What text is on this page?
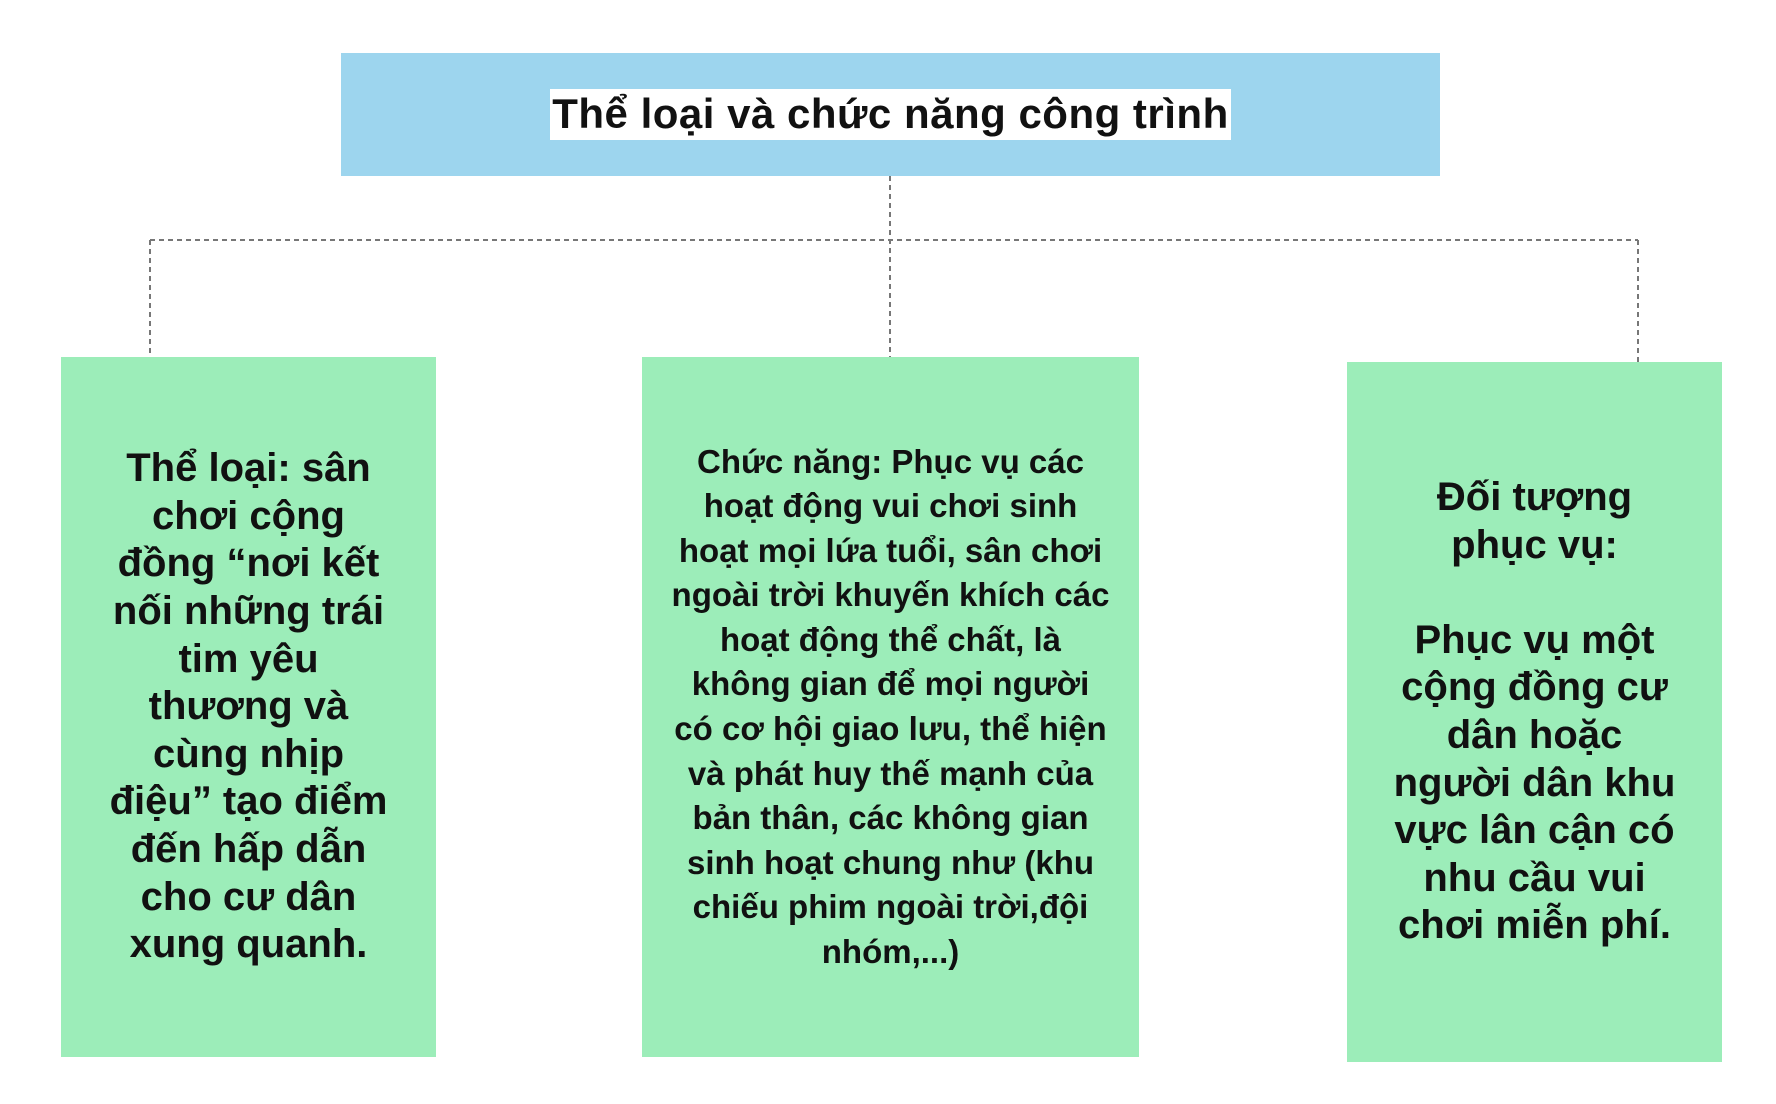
Thể loại và chức năng công trình
Thể loại: sân chơi cộng đồng “nơi kết nối những trái tim yêu thương và cùng nhịp điệu” tạo điểm đến hấp dẫn cho cư dân xung quanh.
Chức năng: Phục vụ các hoạt động vui chơi sinh hoạt mọi lứa tuổi, sân chơi ngoài trời khuyến khích các hoạt động thể chất, là không gian để mọi người có cơ hội giao lưu, thể hiện và phát huy thế mạnh của bản thân, các không gian sinh hoạt chung như (khu chiếu phim ngoài trời,đội nhóm,...)
Đối tượng phục vụ:

Phục vụ một cộng đồng cư dân hoặc người dân khu vực lân cận có nhu cầu vui chơi miễn phí.
